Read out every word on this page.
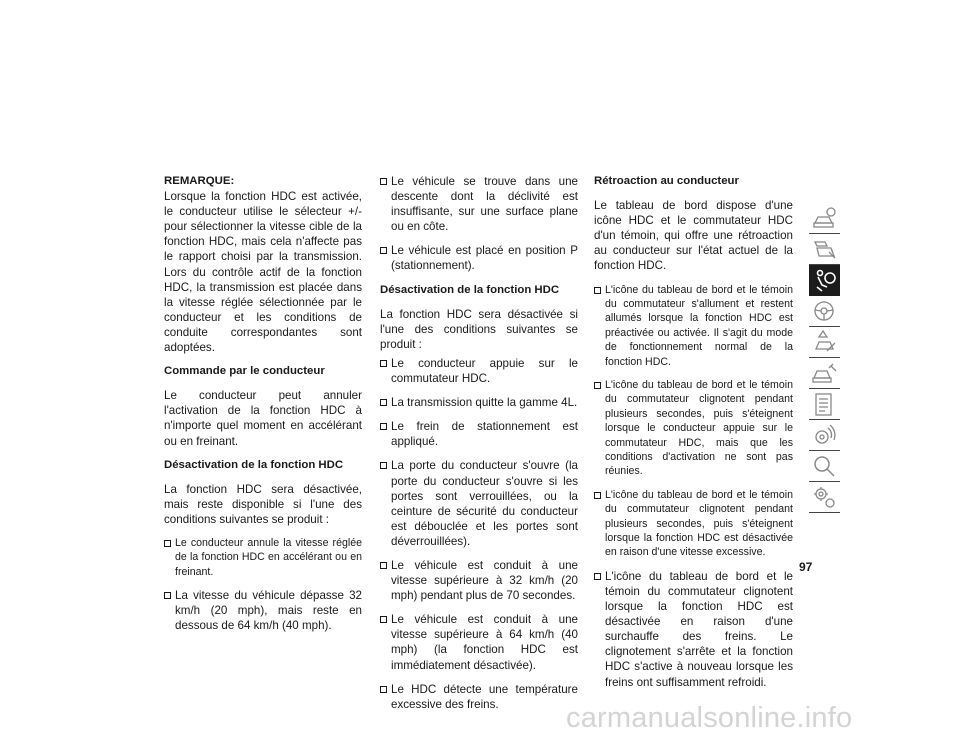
REMARQUE:

Lorsque la fonction HDC est activée, le conducteur utilise le sélecteur +/- pour sélectionner la vitesse cible de la fonction HDC, mais cela n'affecte pas le rapport choisi par la transmission. Lors du contrôle actif de la fonction HDC, la transmission est placée dans la vitesse réglée sélectionnée par le conducteur et les conditions de conduite correspondantes sont adoptées.

Commande par le conducteur

Le conducteur peut annuler l'activation de la fonction HDC à n'importe quel moment en accélérant ou en freinant.

Désactivation de la fonction HDC

La fonction HDC sera désactivée, mais reste disponible si l'une des conditions suivantes se produit :

Le conducteur annule la vitesse réglée de la fonction HDC en accélérant ou en freinant.
La vitesse du véhicule dépasse 32 km/h (20 mph), mais reste en dessous de 64 km/h (40 mph).
Le véhicule se trouve dans une descente dont la déclivité est insuffisante, sur une surface plane ou en côte.
Le véhicule est placé en position P (stationnement).
Désactivation de la fonction HDC

La fonction HDC sera désactivée si l'une des conditions suivantes se produit :

Le conducteur appuie sur le commutateur HDC.
La transmission quitte la gamme 4L.
Le frein de stationnement est appliqué.
La porte du conducteur s'ouvre (la porte du conducteur s'ouvre si les portes sont verrouillées, ou la ceinture de sécurité du conducteur est débouclée et les portes sont déverrouillées).
Le véhicule est conduit à une vitesse supérieure à 32 km/h (20 mph) pendant plus de 70 secondes.
Le véhicule est conduit à une vitesse supérieure à 64 km/h (40 mph) (la fonction HDC est immédiatement désactivée).
Le HDC détecte une température excessive des freins.
Rétroaction au conducteur

Le tableau de bord dispose d'une icône HDC et le commutateur HDC d'un témoin, qui offre une rétroaction au conducteur sur l'état actuel de la fonction HDC.

L'icône du tableau de bord et le témoin du commutateur s'allument et restent allumés lorsque la fonction HDC est préactivée ou activée. Il s'agit du mode de fonctionnement normal de la fonction HDC.
L'icône du tableau de bord et le témoin du commutateur clignotent pendant plusieurs secondes, puis s'éteignent lorsque le conducteur appuie sur le commutateur HDC, mais que les conditions d'activation ne sont pas réunies.
L'icône du tableau de bord et le témoin du commutateur clignotent pendant plusieurs secondes, puis s'éteignent lorsque la fonction HDC est désactivée en raison d'une vitesse excessive.
L'icône du tableau de bord et le témoin du commutateur clignotent lorsque la fonction HDC est désactivée en raison d'une surchauffe des freins. Le clignotement s'arrête et la fonction HDC s'active à nouveau lorsque les freins ont suffisamment refroidi.
97
carmanualsonline.info
